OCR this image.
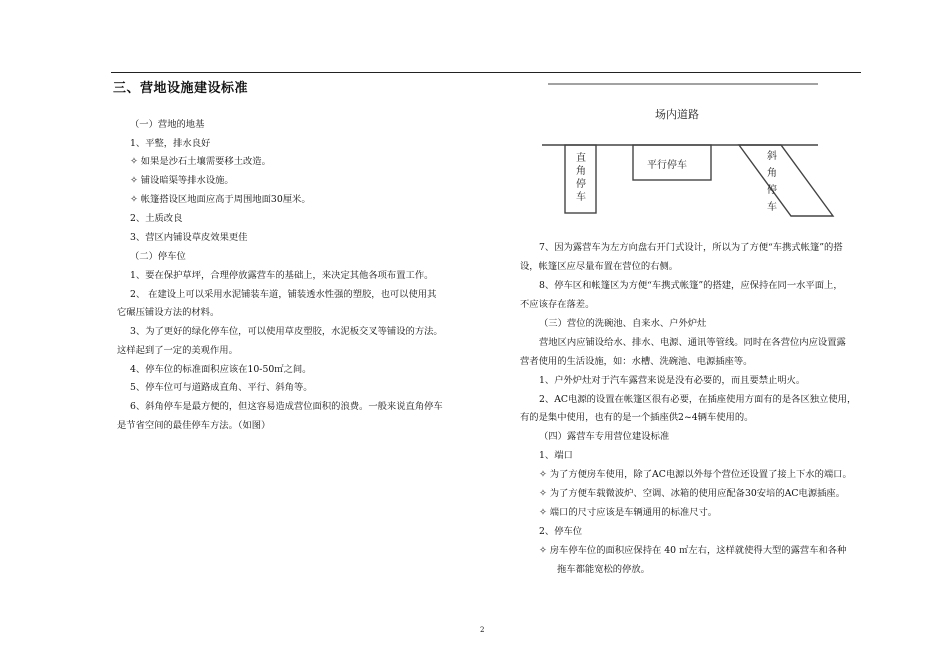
三、营地设施建设标准
（一）营地的地基
1、平整，排水良好
✧ 如果是沙石土壤需要移土改造。
✧ 铺设暗渠等排水设施。
✧ 帐篷搭设区地面应高于周围地面30厘米。
2、土质改良
3、营区内铺设草皮效果更佳
（二）停车位
1、要在保护草坪，合理停放露营车的基础上，来决定其他各项布置工作。
2、 在建设上可以采用水泥铺装车道，铺装透水性强的塑胶，也可以使用其
它碾压铺设方法的材料。
3、为了更好的绿化停车位，可以使用草皮塑胶，水泥板交叉等铺设的方法。
这样起到了一定的美观作用。
4、停车位的标准面积应该在10-50㎡之间。
5、停车位可与道路成直角、平行、斜角等。
6、斜角停车是最方便的，但这容易造成营位面积的浪费。一般来说直角停车
是节省空间的最佳停车方法。（如图）
场内道路
直角停车
平行停车
斜角停车
7、因为露营车为左方向盘右开门式设计，所以为了方便“车携式帐篷”的搭
设，帐篷区应尽量布置在营位的右侧。
8、停车区和帐篷区为方便“车携式帐篷”的搭建，应保持在同一水平面上，
不应该存在落差。
（三）营位的洗碗池、自来水、户外炉灶
营地区内应铺设给水、排水、电源、通讯等管线。同时在各营位内应设置露
营者使用的生活设施，如：水槽、洗碗池、电源插座等。
1、户外炉灶对于汽车露营来说是没有必要的，而且要禁止明火。
2、AC电源的设置在帐篷区很有必要，在插座使用方面有的是各区独立使用，
有的是集中使用，也有的是一个插座供2~4辆车使用的。
（四）露营车专用营位建设标准
1、端口
✧ 为了方便房车使用，除了AC电源以外每个营位还设置了接上下水的端口。
✧ 为了方便车载微波炉、空调、冰箱的使用应配备30安培的AC电源插座。
✧ 端口的尺寸应该是车辆通用的标准尺寸。
2、停车位
✧ 房车停车位的面积应保持在 40 ㎡左右，这样就使得大型的露营车和各种
拖车都能宽松的停放。
2
